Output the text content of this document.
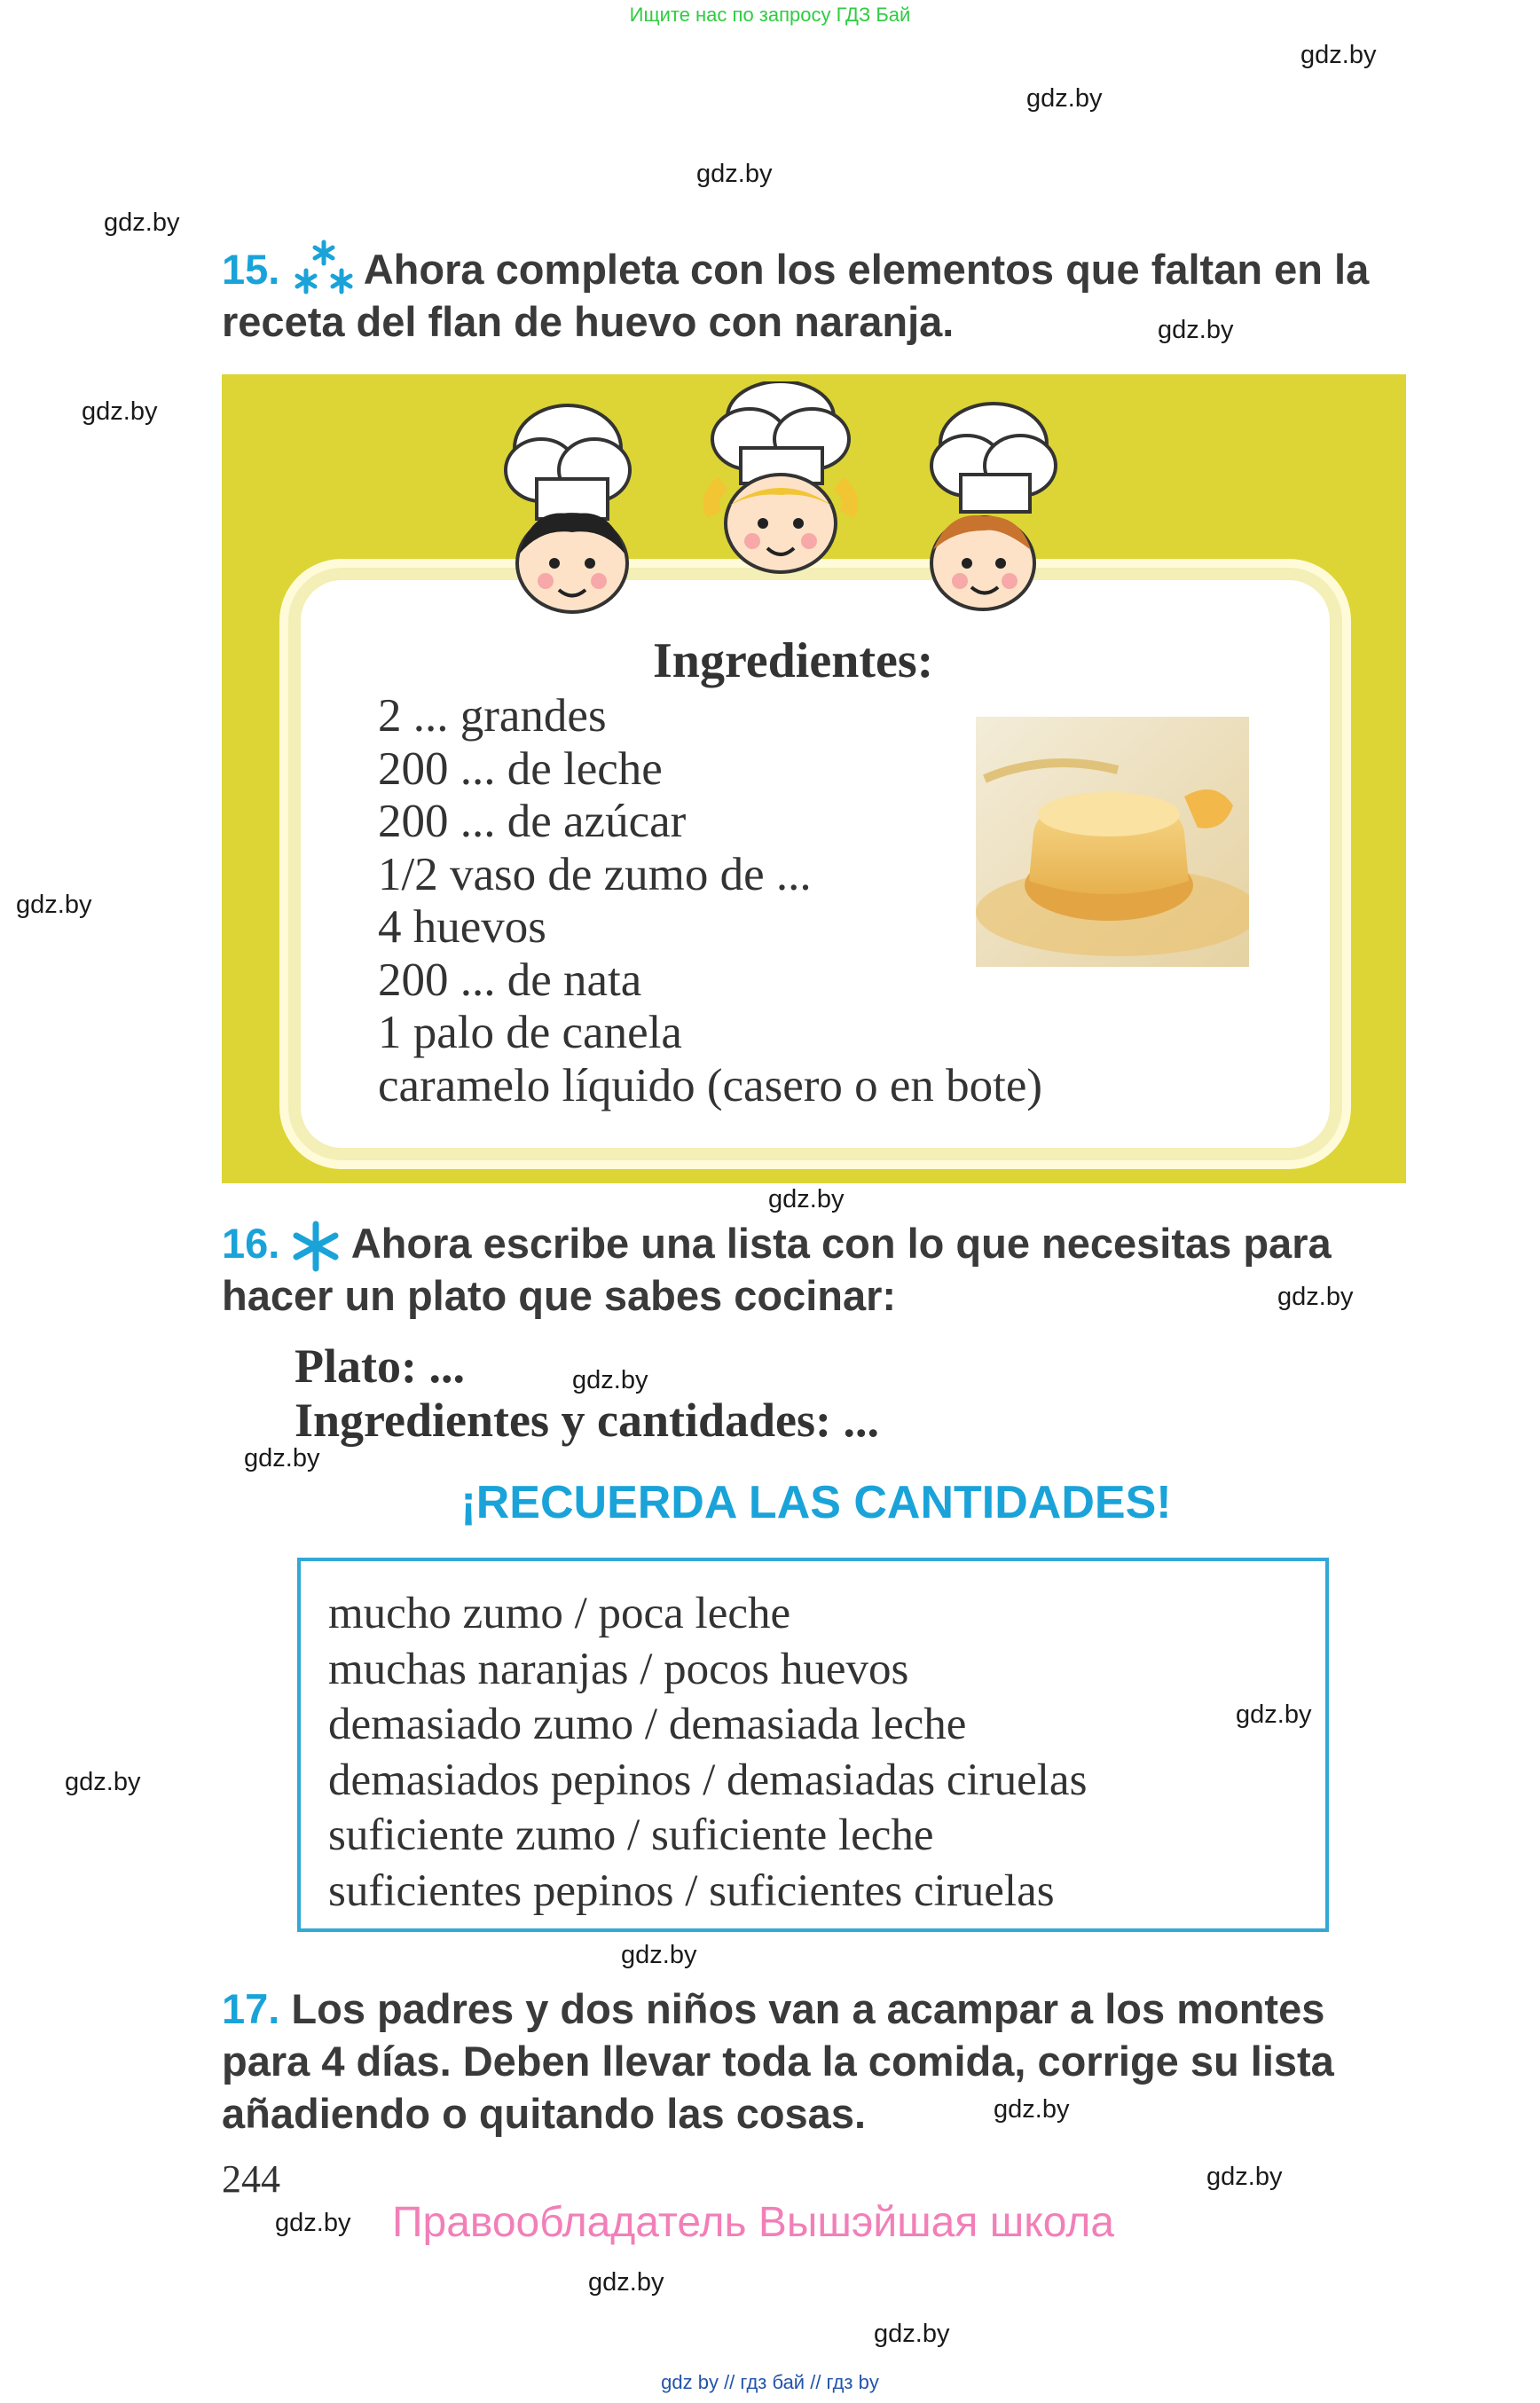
Ищите нас по запросу ГДЗ Бай
gdz.by
gdz.by
gdz.by
gdz.by
gdz.by
gdz.by
gdz.by
gdz.by
gdz.by
gdz.by
gdz.by
gdz.by
gdz.by
gdz.by
gdz.by
gdz.by
gdz.by
gdz.by
gdz.by
15. Ahora completa con los elementos que faltan en la receta del flan de huevo con naranja.
Ingredientes:
2 ... grandes
200 ... de leche
200 ... de azúcar
1/2 vaso de zumo de ...
4 huevos
200 ... de nata
1 palo de canela
caramelo líquido (casero o en bote)
16. Ahora escribe una lista con lo que necesitas para hacer un plato que sabes cocinar:
Plato: ...
Ingredientes y cantidades: ...
¡RECUERDA LAS CANTIDADES!
mucho zumo / poca leche
muchas naranjas / pocos huevos
demasiado zumo / demasiada leche
demasiados pepinos / demasiadas ciruelas
suficiente zumo / suficiente leche
suficientes pepinos / suficientes ciruelas
17. Los padres y dos niños van a acampar a los montes para 4 días. Deben llevar toda la comida, corrige su lista añadiendo o quitando las cosas.
244
Правообладатель Вышэйшая школа
gdz by // гдз бай // гдз by
